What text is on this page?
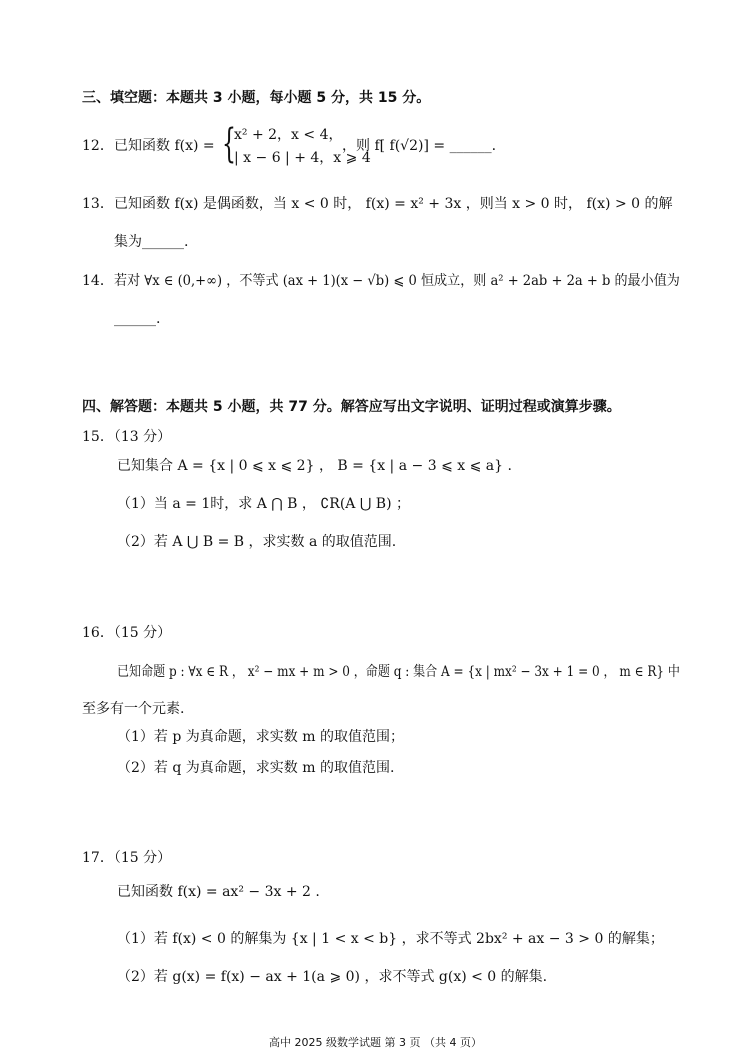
三、填空题：本题共 3 小题，每小题 5 分，共 15 分。
12． 已知函数 f(x) = {
x² + 2，x < 4，
| x − 6 | + 4，x ⩾ 4
，则 f[ f(√2)] = ______.
13． 已知函数 f(x) 是偶函数，当 x < 0 时， f(x) = x² + 3x ，则当 x > 0 时， f(x) > 0 的解
集为______.
14． 若对 ∀x ∈ (0,+∞) ，不等式 (ax + 1)(x − √b) ⩽ 0 恒成立，则 a² + 2ab + 2a + b 的最小值为
______.
四、解答题：本题共 5 小题，共 77 分。解答应写出文字说明、证明过程或演算步骤。
15．（13 分）
已知集合 A = {x | 0 ⩽ x ⩽ 2} ， B = {x | a − 3 ⩽ x ⩽ a} .
（1）当 a = 1时，求 A ⋂ B ， ∁R(A ⋃ B) ；
（2）若 A ⋃ B = B ，求实数 a 的取值范围.
16．（15 分）
已知命题 p : ∀x ∈ R ， x² − mx + m > 0 ，命题 q : 集合 A = {x | mx² − 3x + 1 = 0 ， m ∈ R} 中
至多有一个元素.
（1）若 p 为真命题，求实数 m 的取值范围；
（2）若 q 为真命题，求实数 m 的取值范围.
17．（15 分）
已知函数 f(x) = ax² − 3x + 2 .
（1）若 f(x) < 0 的解集为 {x | 1 < x < b} ，求不等式 2bx² + ax − 3 > 0 的解集；
（2）若 g(x) = f(x) − ax + 1(a ⩾ 0) ，求不等式 g(x) < 0 的解集.
高中 2025 级数学试题 第 3 页 （共 4 页）
